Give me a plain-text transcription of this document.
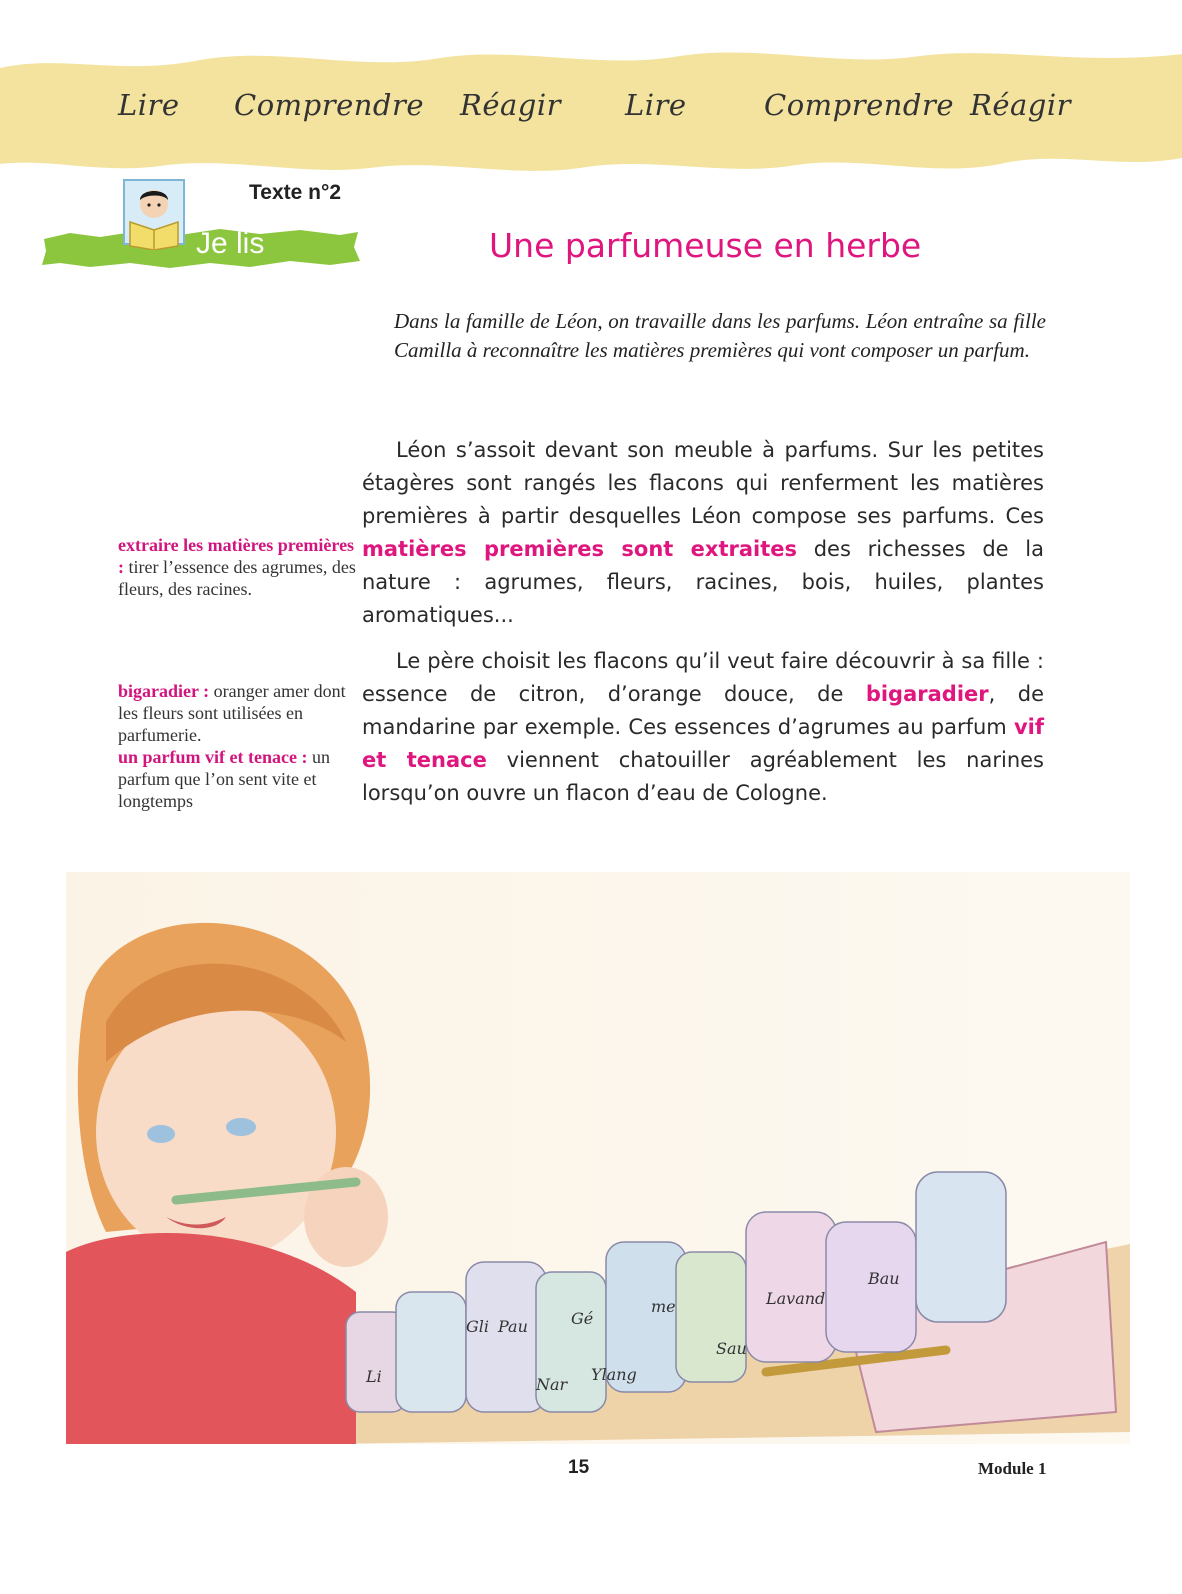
Lire Comprendre Réagir Lire	Comprendre Réagir
Texte n°2
Je lis	Une parfumeuse en herbe
Dans la famille de Léon, on travaille dans les parfums. Léon entraîne sa fille Camilla à reconnaître les matières premières qui vont composer un parfum.
extraire les matières premières : tirer l’essence des agrumes, des fleurs, des racines.
bigaradier : oranger amer dont les fleurs sont utilisées en parfumerie.
un parfum vif et tenace : un parfum que l’on sent vite et longtemps
Léon s’assoit devant son meuble à parfums. Sur les petites étagères sont rangés les flacons qui renferment les matières premières à partir desquelles Léon compose ses parfums. Ces matières premières sont extraites des richesses de la nature : agrumes, fleurs, racines, bois, huiles, plantes aromatiques...
Le père choisit les flacons qu’il veut faire découvrir à sa fille : essence de citron, d’orange douce, de bigaradier, de mandarine par exemple. Ces essences d’agrumes au parfum vif et tenace viennent chatouiller agréablement les narines lorsqu’on ouvre un flacon d’eau de Cologne.
Gli Pau	Gé
me
Bau
Lavand
Sau
Ylang
Nar
Li
15	Module 1
